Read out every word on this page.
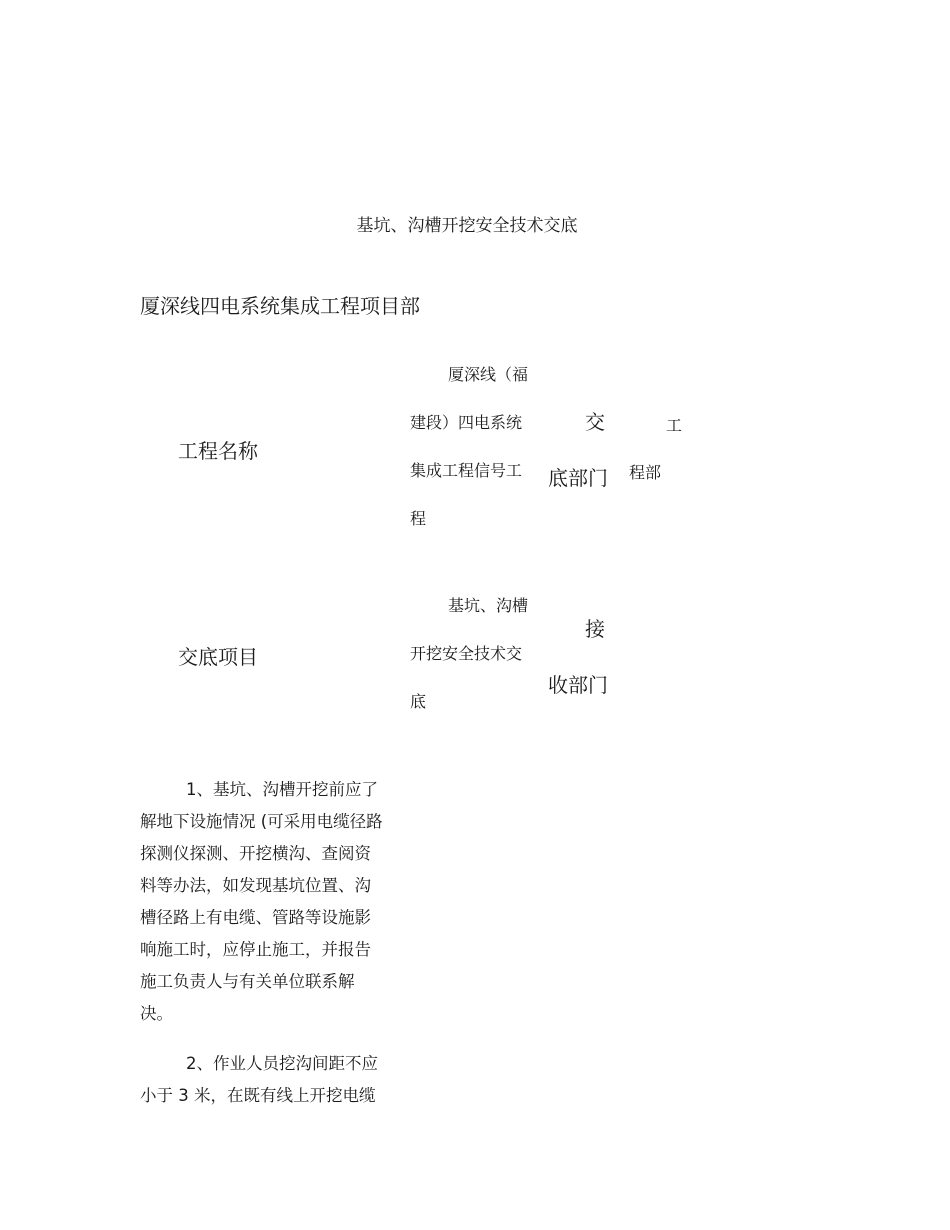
基坑、沟槽开挖安全技术交底
厦深线四电系统集成工程项目部
工程名称
厦深线（福
建段）四电系统
集成工程信号工
程
交
底部门
工
程部
交底项目
基坑、沟槽
开挖安全技术交
底
接
收部门
1、基坑、沟槽开挖前应了
解地下设施情况 (可采用电缆径路
探测仪探测、开挖横沟、查阅资
料等办法，如发现基坑位置、沟
槽径路上有电缆、管路等设施影
响施工时，应停止施工，并报告
施工负责人与有关单位联系解
决。
2、作业人员挖沟间距不应
小于 3 米，在既有线上开挖电缆
